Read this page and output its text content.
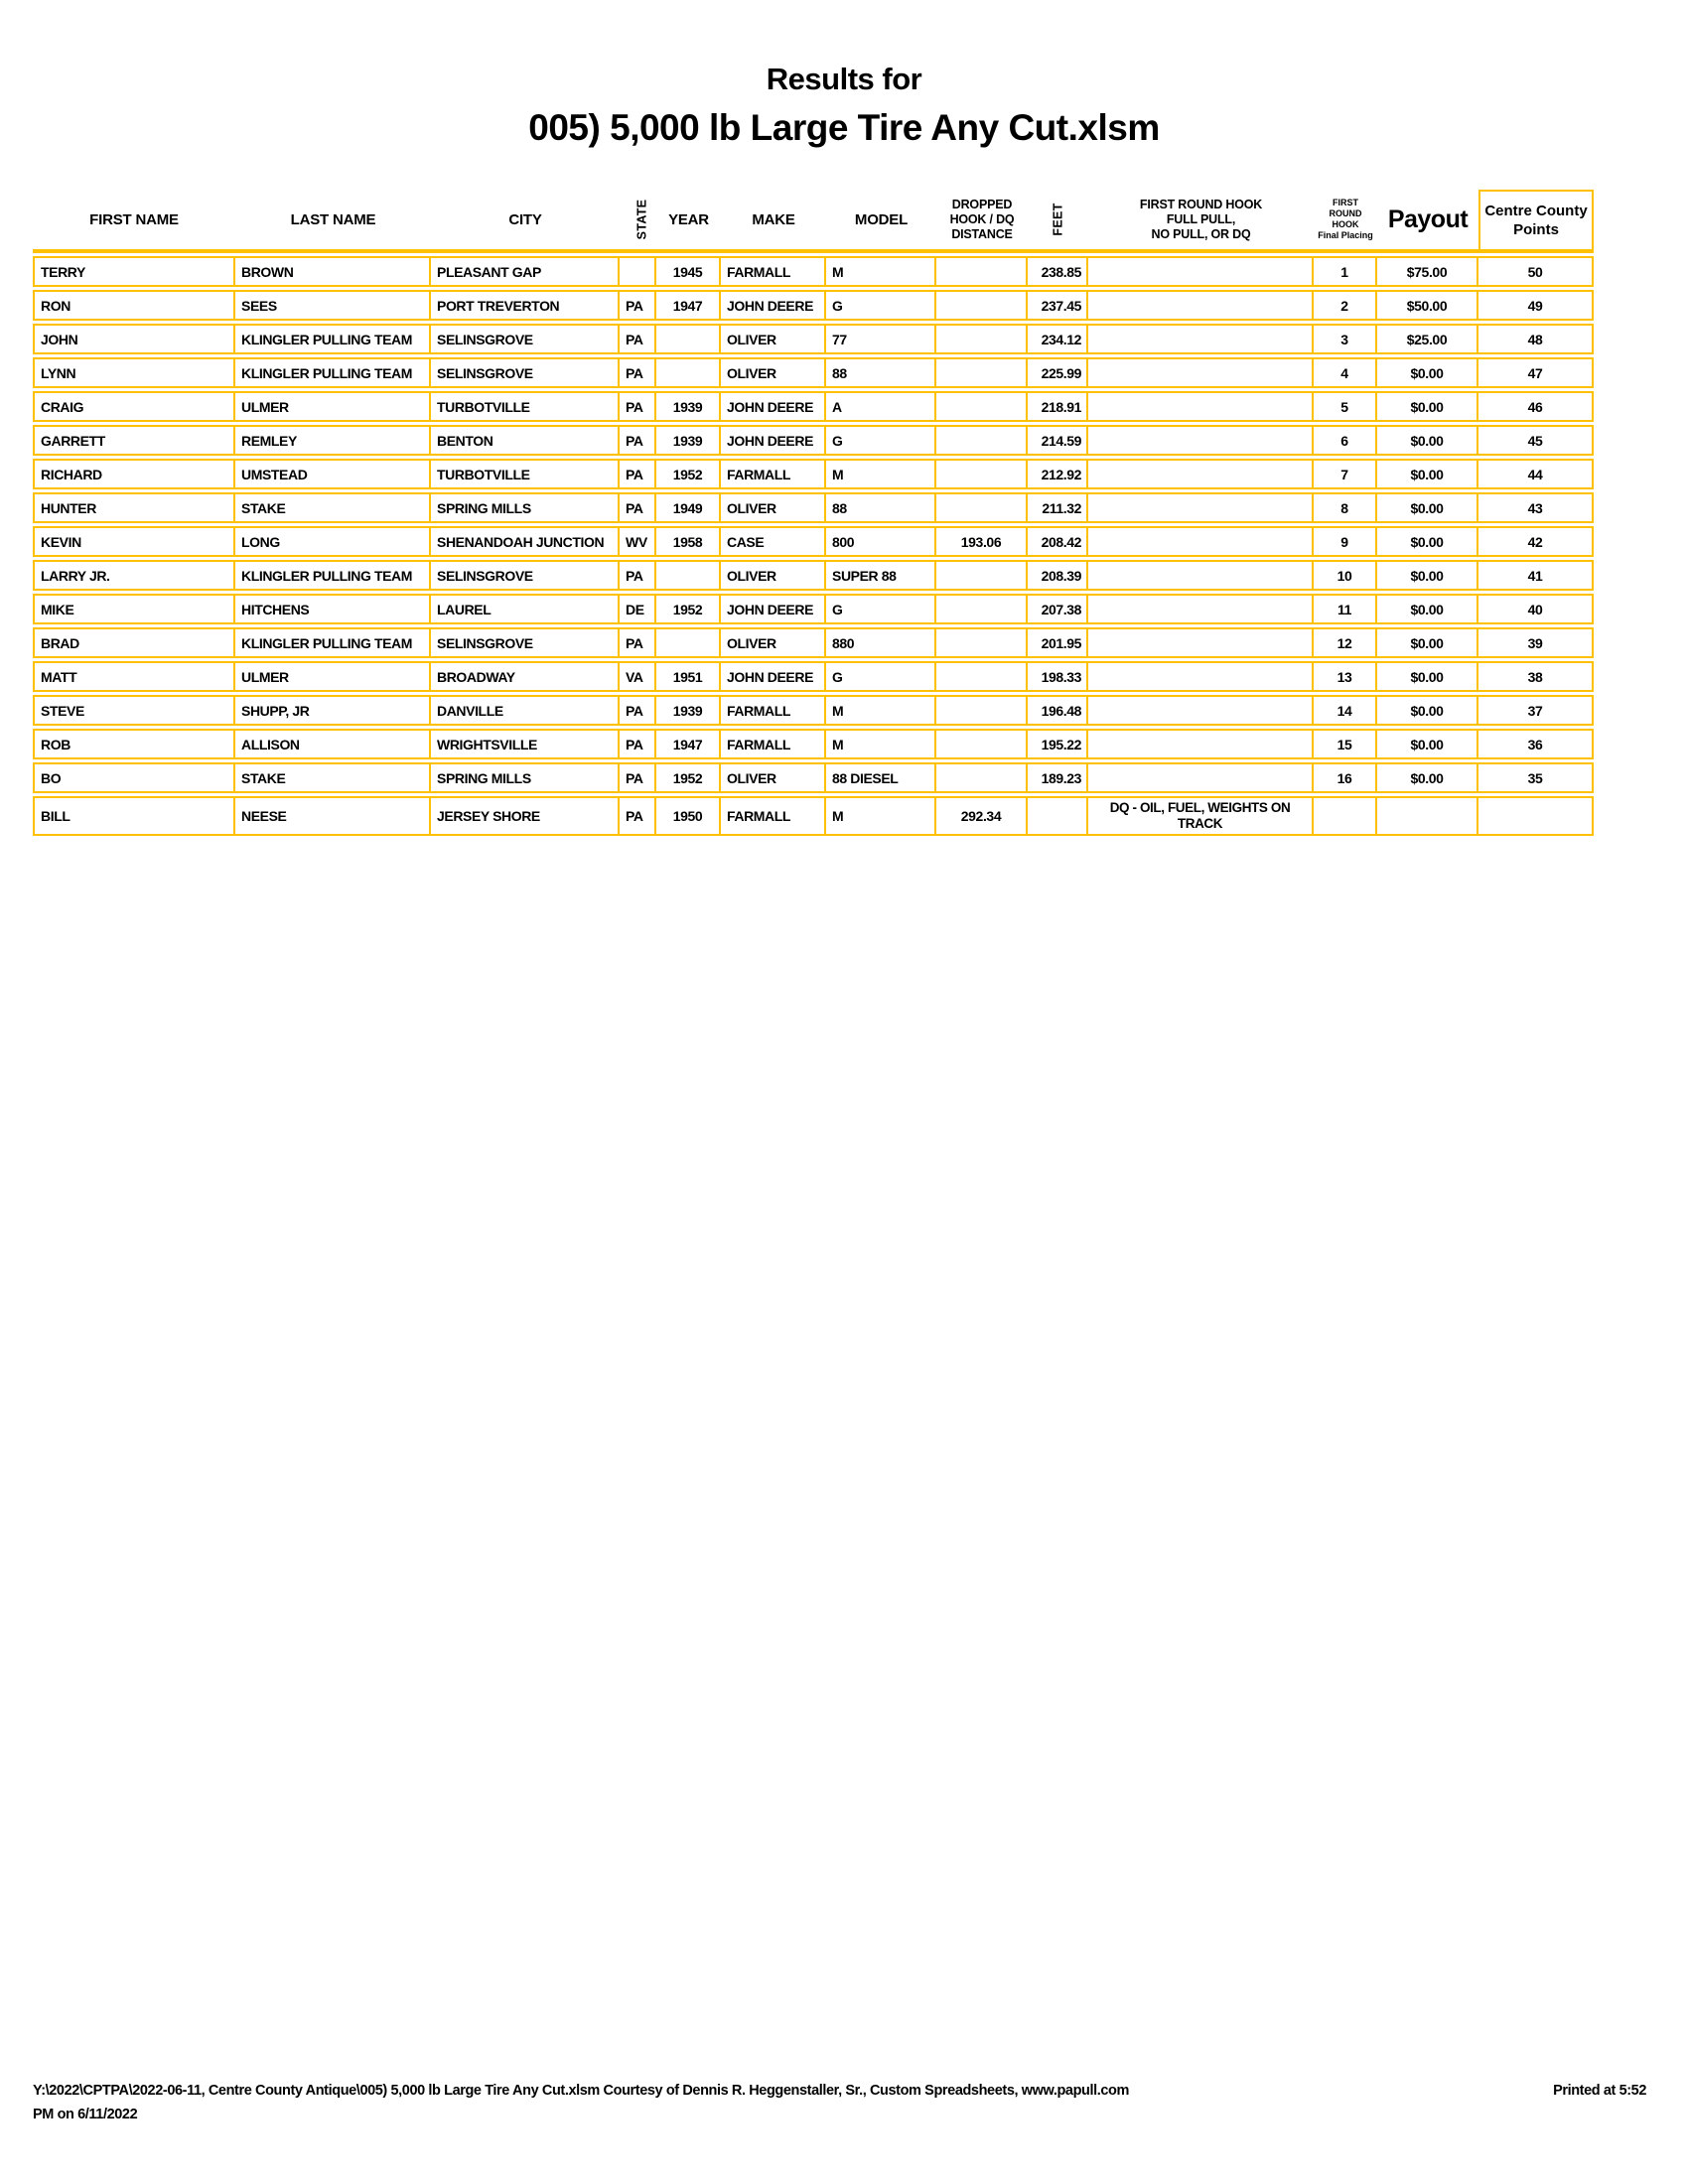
Results for
005) 5,000 lb Large Tire Any Cut.xlsm
FIRST NAME	LAST NAME	CITY	STATE	YEAR	MAKE	MODEL	DROPPED
HOOK / DQ
DISTANCE	FEET	FIRST ROUND HOOK
FULL PULL,
NO PULL, OR DQ	FIRST ROUND
HOOK
Final Placing	Payout	Centre County
Points

TERRY	BROWN	PLEASANT GAP		1945	FARMALL	M		238.85		1	$75.00	50
RON	SEES	PORT TREVERTON	PA	1947	JOHN DEERE	G		237.45		2	$50.00	49
JOHN	KLINGLER PULLING TEAM	SELINSGROVE	PA		OLIVER	77		234.12		3	$25.00	48
LYNN	KLINGLER PULLING TEAM	SELINSGROVE	PA		OLIVER	88		225.99		4	$0.00	47
CRAIG	ULMER	TURBOTVILLE	PA	1939	JOHN DEERE	A		218.91		5	$0.00	46
GARRETT	REMLEY	BENTON	PA	1939	JOHN DEERE	G		214.59		6	$0.00	45
RICHARD	UMSTEAD	TURBOTVILLE	PA	1952	FARMALL	M		212.92		7	$0.00	44
HUNTER	STAKE	SPRING MILLS	PA	1949	OLIVER	88		211.32		8	$0.00	43
KEVIN	LONG	SHENANDOAH JUNCTION	WV	1958	CASE	800	193.06	208.42		9	$0.00	42
LARRY JR.	KLINGLER PULLING TEAM	SELINSGROVE	PA		OLIVER	SUPER 88		208.39		10	$0.00	41
MIKE	HITCHENS	LAUREL	DE	1952	JOHN DEERE	G		207.38		11	$0.00	40
BRAD	KLINGLER PULLING TEAM	SELINSGROVE	PA		OLIVER	880		201.95		12	$0.00	39
MATT	ULMER	BROADWAY	VA	1951	JOHN DEERE	G		198.33		13	$0.00	38
STEVE	SHUPP, JR	DANVILLE	PA	1939	FARMALL	M		196.48		14	$0.00	37
ROB	ALLISON	WRIGHTSVILLE	PA	1947	FARMALL	M		195.22		15	$0.00	36
BO	STAKE	SPRING MILLS	PA	1952	OLIVER	88 DIESEL		189.23		16	$0.00	35
BILL	NEESE	JERSEY SHORE	PA	1950	FARMALL	M	292.34		DQ - OIL, FUEL, WEIGHTS ON TRACK			
Y:\2022\CPTPA\2022-06-11, Centre County Antique\005) 5,000 lb Large Tire Any Cut.xlsm Courtesy of Dennis R. Heggenstaller, Sr., Custom Spreadsheets, www.papull.com	Printed at 5:52
PM on 6/11/2022
